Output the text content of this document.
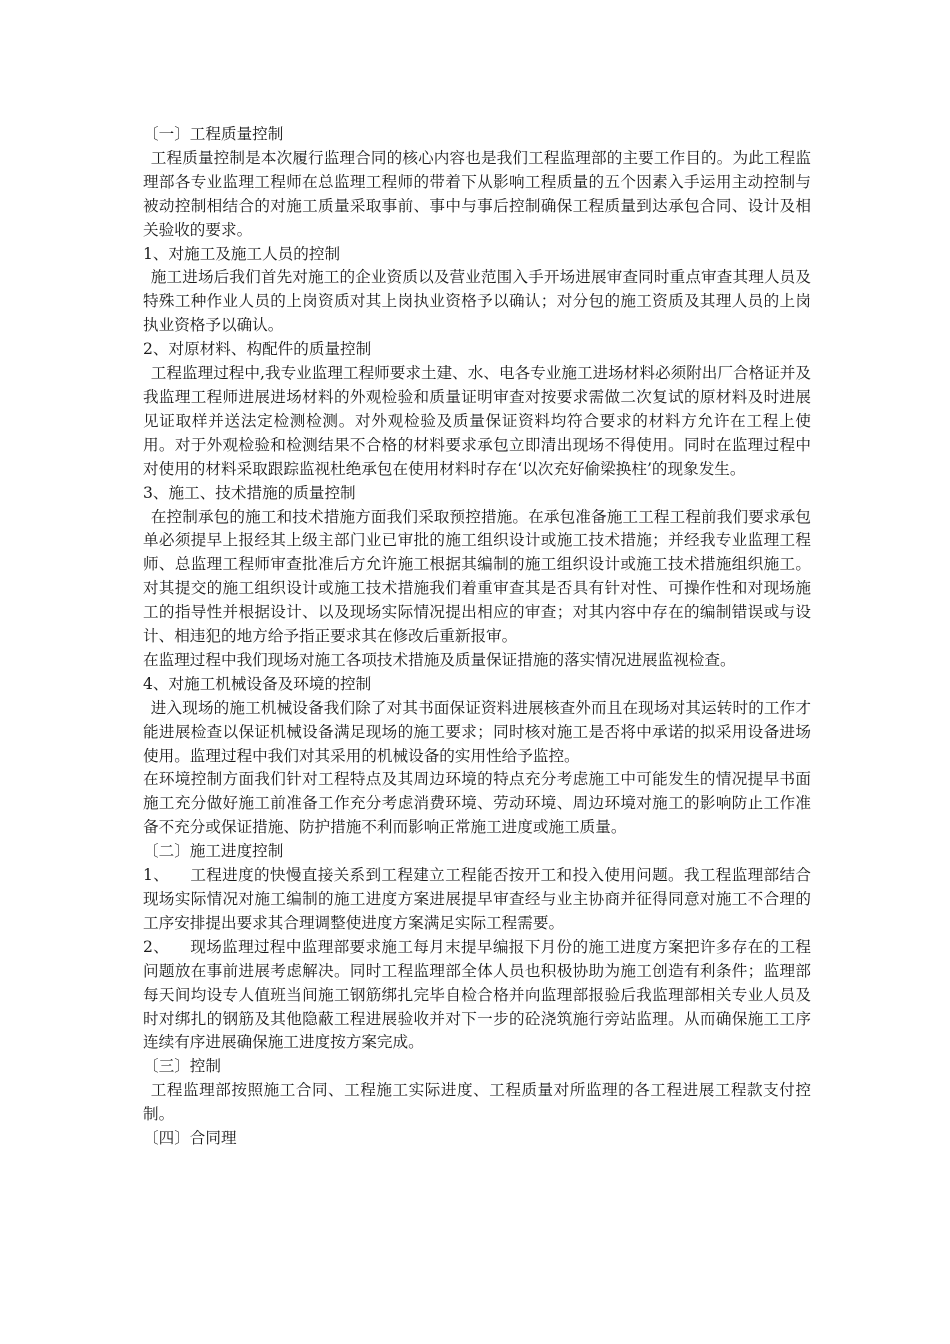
〔一〕工程质量控制

工程质量控制是本次履行监理合同的核心内容也是我们工程监理部的主要工作目的。为此工程监理部各专业监理工程师在总监理工程师的带着下从影响工程质量的五个因素入手运用主动控制与被动控制相结合的对施工质量采取事前、事中与事后控制确保工程质量到达承包合同、设计及相关验收的要求。

1、对施工及施工人员的控制

施工进场后我们首先对施工的企业资质以及营业范围入手开场进展审查同时重点审查其理人员及特殊工种作业人员的上岗资质对其上岗执业资格予以确认；对分包的施工资质及其理人员的上岗执业资格予以确认。

2、对原材料、构配件的质量控制

工程监理过程中,我专业监理工程师要求土建、水、电各专业施工进场材料必须附出厂合格证并及我监理工程师进展进场材料的外观检验和质量证明审查对按要求需做二次复试的原材料及时进展见证取样并送法定检测检测。对外观检验及质量保证资料均符合要求的材料方允许在工程上使用。对于外观检验和检测结果不合格的材料要求承包立即清出现场不得使用。同时在监理过程中对使用的材料采取跟踪监视杜绝承包在使用材料时存在‘以次充好偷梁换柱’的现象发生。

3、施工、技术措施的质量控制

在控制承包的施工和技术措施方面我们采取预控措施。在承包准备施工工程工程前我们要求承包单必须提早上报经其上级主部门业已审批的施工组织设计或施工技术措施；并经我专业监理工程师、总监理工程师审查批准后方允许施工根据其编制的施工组织设计或施工技术措施组织施工。对其提交的施工组织设计或施工技术措施我们着重审查其是否具有针对性、可操作性和对现场施工的指导性并根据设计、以及现场实际情况提出相应的审查；对其内容中存在的编制错误或与设计、相违犯的地方给予指正要求其在修改后重新报审。

在监理过程中我们现场对施工各项技术措施及质量保证措施的落实情况进展监视检查。

4、对施工机械设备及环境的控制

进入现场的施工机械设备我们除了对其书面保证资料进展核查外而且在现场对其运转时的工作才能进展检查以保证机械设备满足现场的施工要求；同时核对施工是否将中承诺的拟采用设备进场使用。监理过程中我们对其采用的机械设备的实用性给予监控。

在环境控制方面我们针对工程特点及其周边环境的特点充分考虑施工中可能发生的情况提早书面施工充分做好施工前准备工作充分考虑消费环境、劳动环境、周边环境对施工的影响防止工作准备不充分或保证措施、防护措施不利而影响正常施工进度或施工质量。

〔二〕施工进度控制

1、    工程进度的快慢直接关系到工程建立工程能否按开工和投入使用问题。我工程监理部结合现场实际情况对施工编制的施工进度方案进展提早审查经与业主协商并征得同意对施工不合理的工序安排提出要求其合理调整使进度方案满足实际工程需要。

2、    现场监理过程中监理部要求施工每月末提早编报下月份的施工进度方案把许多存在的工程问题放在事前进展考虑解决。同时工程监理部全体人员也积极协助为施工创造有利条件；监理部每天间均设专人值班当间施工钢筋绑扎完毕自检合格并向监理部报验后我监理部相关专业人员及时对绑扎的钢筋及其他隐蔽工程进展验收并对下一步的砼浇筑施行旁站监理。从而确保施工工序连续有序进展确保施工进度按方案完成。

〔三〕控制

工程监理部按照施工合同、工程施工实际进度、工程质量对所监理的各工程进展工程款支付控制。

〔四〕合同理
